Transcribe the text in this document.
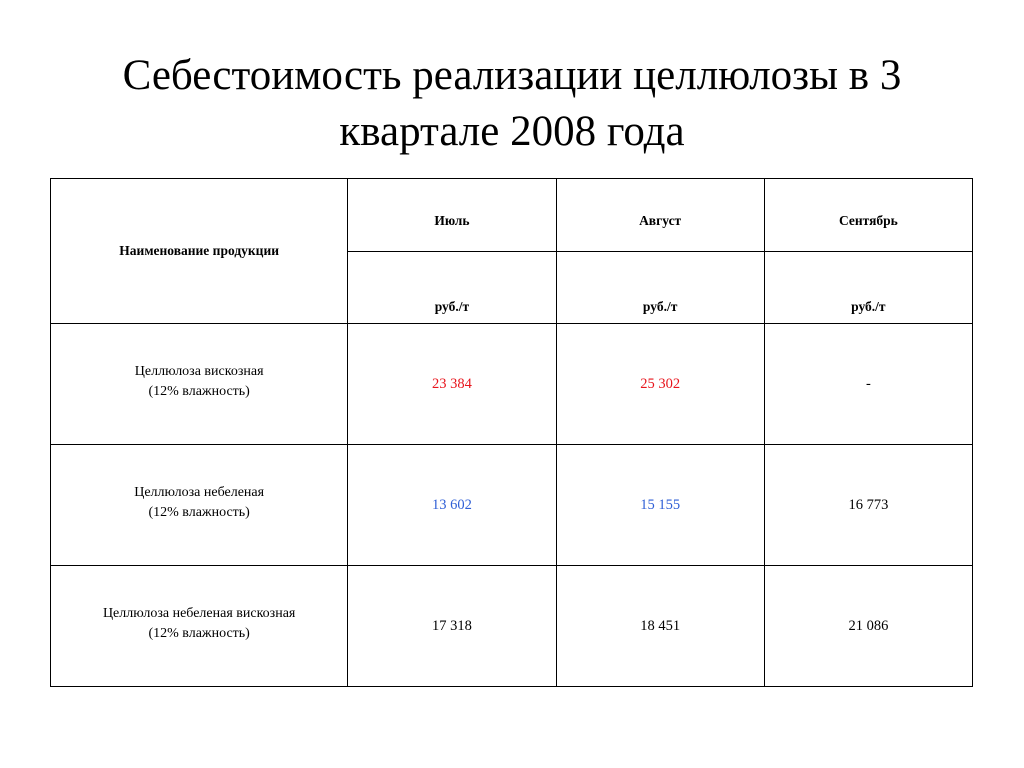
Себестоимость реализации целлюлозы в 3
квартале 2008 года
Наименование продукции	Июль	Август	Сентябрь
	руб./т	руб./т	руб./т

Целлюлоза вискозная
(12% влажность)	23 384	25 302	-

Целлюлоза небеленая
(12% влажность)	13 602	15 155	16 773

Целлюлоза небеленая вискозная
(12% влажность)	17 318	18 451	21 086
